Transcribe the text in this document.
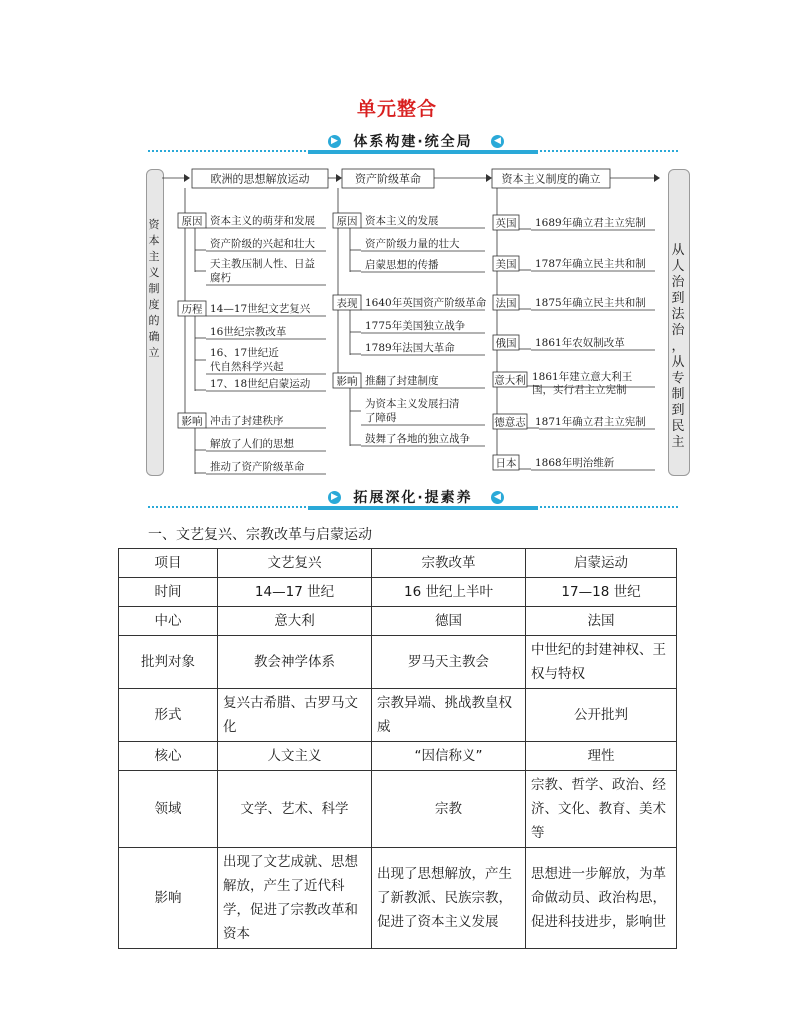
单元整合
▶	体系构建·统全局	◀
资
本
主
义
制
度
的
确
立
从
人
治
到
法
治
，
从
专
制
到
民
主
欧洲的思想解放运动	资产阶级革命	资本主义制度的确立
原因 资本主义的萌芽和发展
资产阶级的兴起和壮大
天主教压制人性、日益
腐朽
历程 14—17世纪文艺复兴
16世纪宗教改革
16、17世纪近
代自然科学兴起
17、18世纪启蒙运动
影响 冲击了封建秩序
解放了人们的思想
推动了资产阶级革命
原因 资本主义的发展
资产阶级力量的壮大
启蒙思想的传播
表现 1640年英国资产阶级革命
1775年美国独立战争
1789年法国大革命
影响 推翻了封建制度
为资本主义发展扫清
了障碍
鼓舞了各地的独立战争
英国 1689年确立君主立宪制
美国 1787年确立民主共和制
法国 1875年确立民主共和制
俄国 1861年农奴制改革
意大利 1861年建立意大利王
国，实行君主立宪制
德意志 1871年确立君主立宪制
日本 1868年明治维新
▶	拓展深化·提素养	◀
一、文艺复兴、宗教改革与启蒙运动
项目	文艺复兴	宗教改革	启蒙运动
时间	14—17 世纪	16 世纪上半叶	17—18 世纪
中心	意大利	德国	法国
批判对象	教会神学体系	罗马天主教会	中世纪的封建神权、王权与特权
形式	复兴古希腊、古罗马文化	宗教异端、挑战教皇权威	公开批判
核心	人文主义	“因信称义”	理性
领域	文学、艺术、科学	宗教	宗教、哲学、政治、经济、文化、教育、美术等
影响	出现了文艺成就、思想解放，产生了近代科学，促进了宗教改革和资本	出现了思想解放，产生了新教派、民族宗教，促进了资本主义发展	思想进一步解放，为革命做动员、政治构思，促进科技进步，影响世
